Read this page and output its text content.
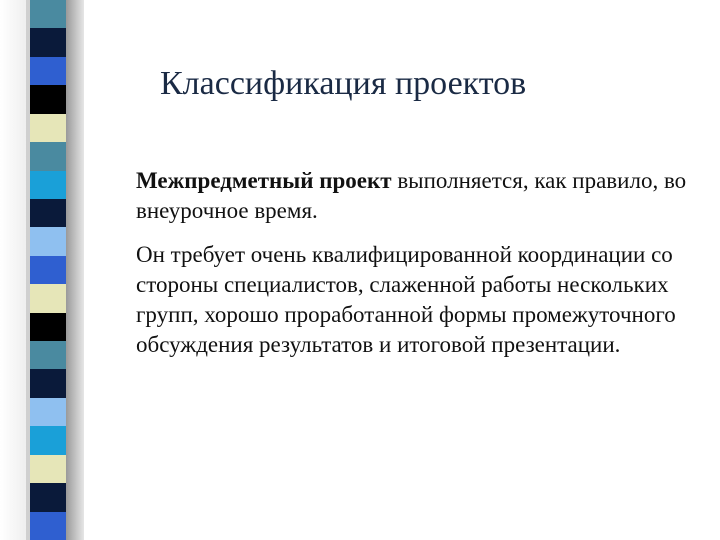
Классификация проектов

Межпредметный проект выполняется, как правило, во внеурочное время.

Он требует очень квалифицированной координации со стороны специалистов, слаженной работы нескольких групп, хорошо проработанной формы промежуточного обсуждения результатов и итоговой презентации.
